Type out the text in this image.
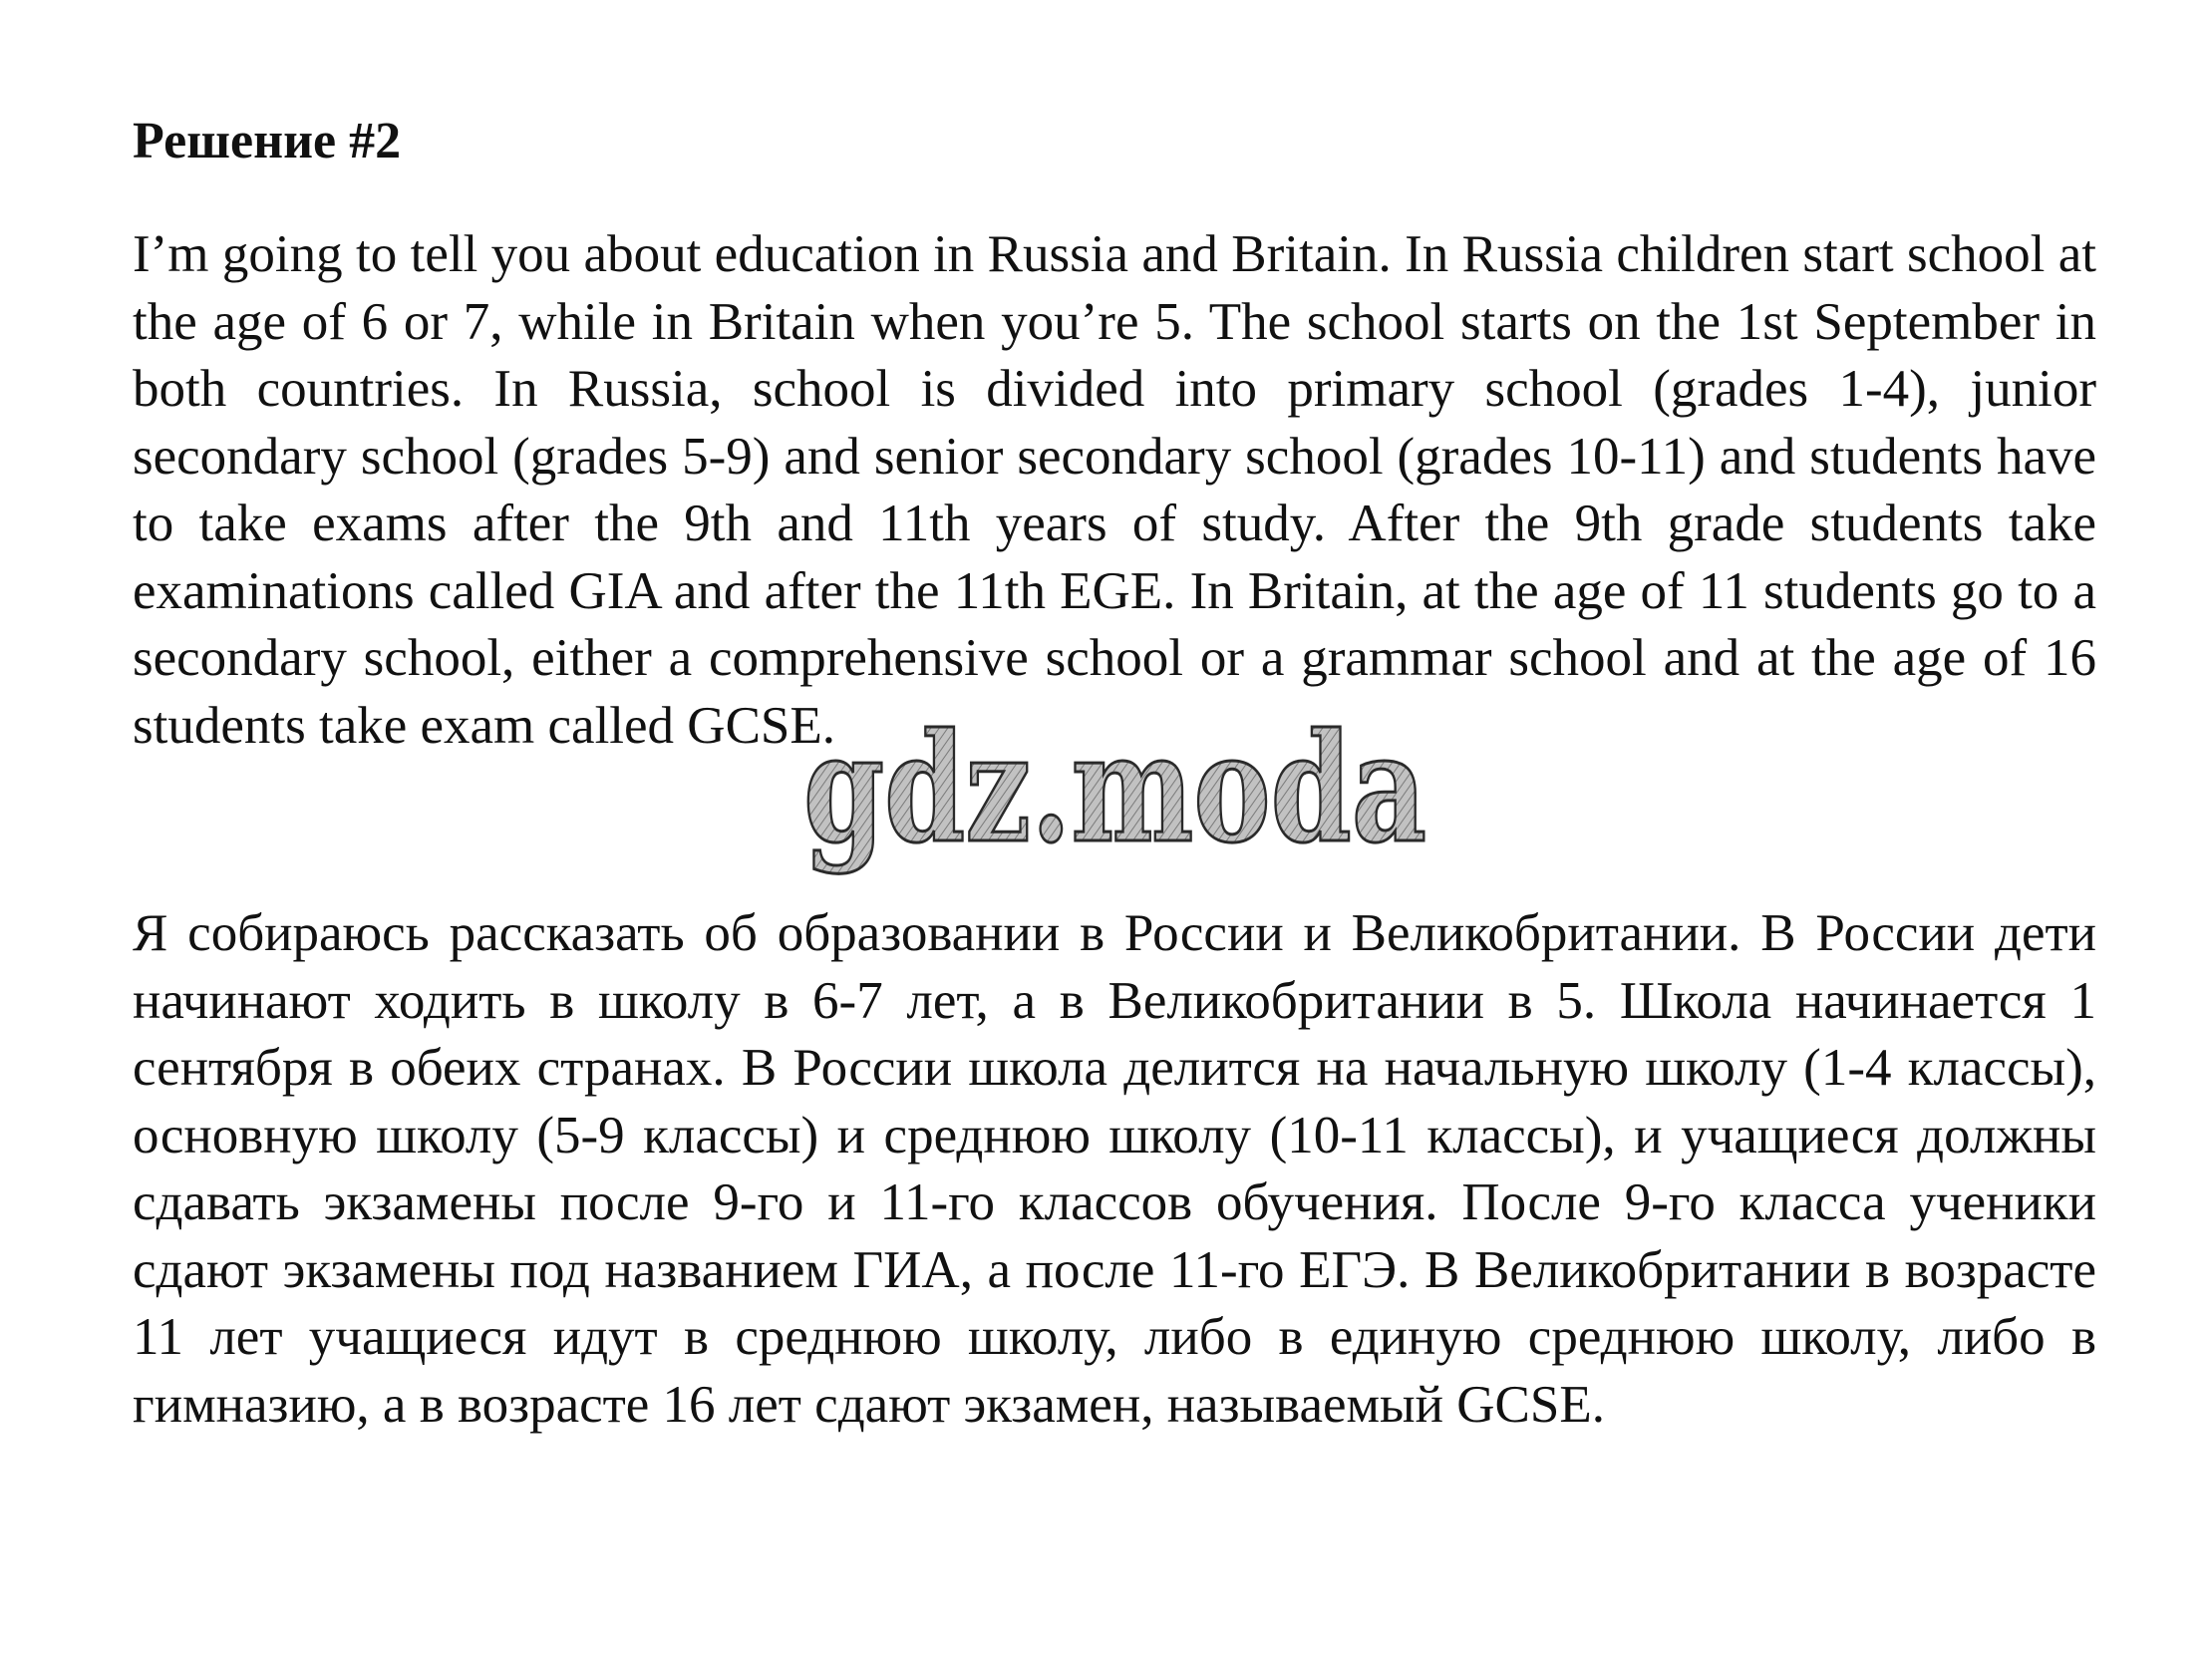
Решение #2

I’m going to tell you about education in Russia and Britain. In Russia children start school at the age of 6 or 7, while in Britain when you’re 5. The school starts on the 1st September in both countries. In Russia, school is divided into primary school (grades 1-4), junior secondary school (grades 5-9) and senior secondary school (grades 10-11) and students have to take exams after the 9th and 11th years of study. After the 9th grade students take examinations called GIA and after the 11th EGE. In Britain, at the age of 11 students go to a secondary school, either a comprehensive school or a grammar school and at the age of 16 students take exam called GCSE.

gdz.moda

Я собираюсь рассказать об образовании в России и Великобритании. В России дети начинают ходить в школу в 6-7 лет, а в Великобритании в 5. Школа начинается 1 сентября в обеих странах. В России школа делится на начальную школу (1-4 классы), основную школу (5-9 классы) и среднюю школу (10-11 классы), и учащиеся должны сдавать экзамены после 9-го и 11-го классов обучения. После 9-го класса ученики сдают экзамены под названием ГИА, а после 11-го ЕГЭ. В Великобритании в возрасте 11 лет учащиеся идут в среднюю школу, либо в единую среднюю школу, либо в гимназию, а в возрасте 16 лет сдают экзамен, называемый GCSE.
